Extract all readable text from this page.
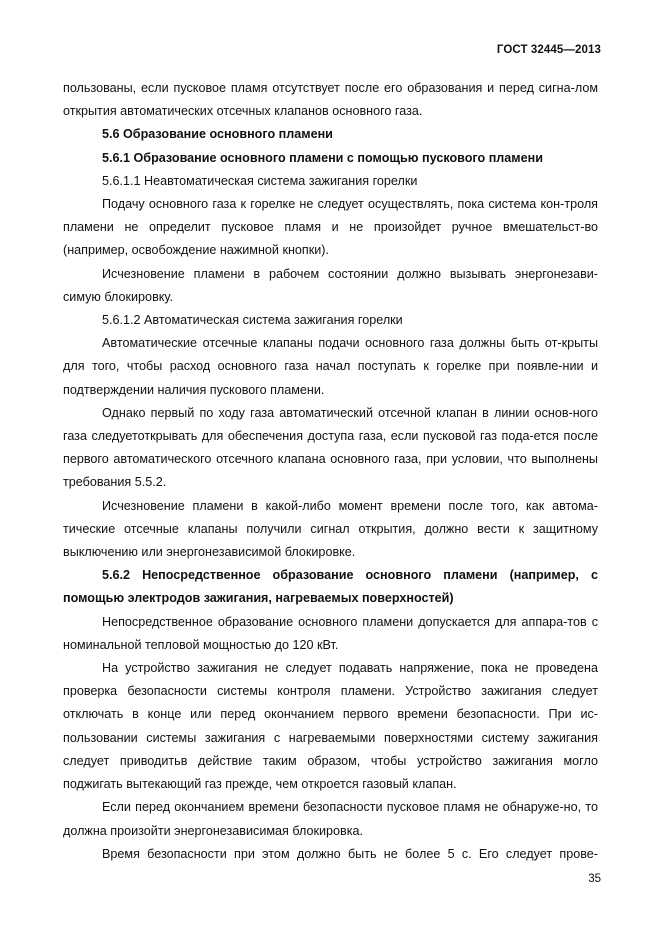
ГОСТ 32445—2013

пользованы, если пусковое пламя отсутствует после его образования и перед сигна-лом открытия автоматических отсечных клапанов основного газа.

5.6 Образование основного пламени

5.6.1 Образование основного пламени с помощью пускового пламени

5.6.1.1 Неавтоматическая система зажигания горелки

Подачу основного газа к горелке не следует осуществлять, пока система кон-троля пламени не определит пусковое пламя и не произойдет ручное вмешательст-во (например, освобождение нажимной кнопки).

Исчезновение пламени в рабочем состоянии должно вызывать энергонезави-симую блокировку.

5.6.1.2 Автоматическая система зажигания горелки

Автоматические отсечные клапаны подачи основного газа должны быть от-крыты для того, чтобы расход основного газа начал поступать к горелке при появле-нии и подтверждении наличия пускового пламени.

Однако первый по ходу газа автоматический отсечной клапан в линии основ-ного газа следуетоткрывать для обеспечения доступа газа, если пусковой газ пода-ется после первого автоматического отсечного клапана основного газа, при условии, что выполнены требования 5.5.2.

Исчезновение пламени в какой-либо момент времени после того, как автома-тические отсечные клапаны получили сигнал открытия, должно вести к защитному выключению или энергонезависимой блокировке.

5.6.2 Непосредственное образование основного пламени (например, с помощью электродов зажигания, нагреваемых поверхностей)

Непосредственное образование основного пламени допускается для аппара-тов с номинальной тепловой мощностью до 120 кВт.

На устройство зажигания не следует подавать напряжение, пока не проведена проверка безопасности системы контроля пламени. Устройство зажигания следует отключать в конце или перед окончанием первого времени безопасности. При ис-пользовании системы зажигания с нагреваемыми поверхностями систему зажигания следует приводитьв действие таким образом, чтобы устройство зажигания могло поджигать вытекающий газ прежде, чем откроется газовый клапан.

Если перед окончанием времени безопасности пусковое пламя не обнаруже-но, то должна произойти энергонезависимая блокировка.

Время безопасности при этом должно быть не более 5 с. Его следует прове-

35
